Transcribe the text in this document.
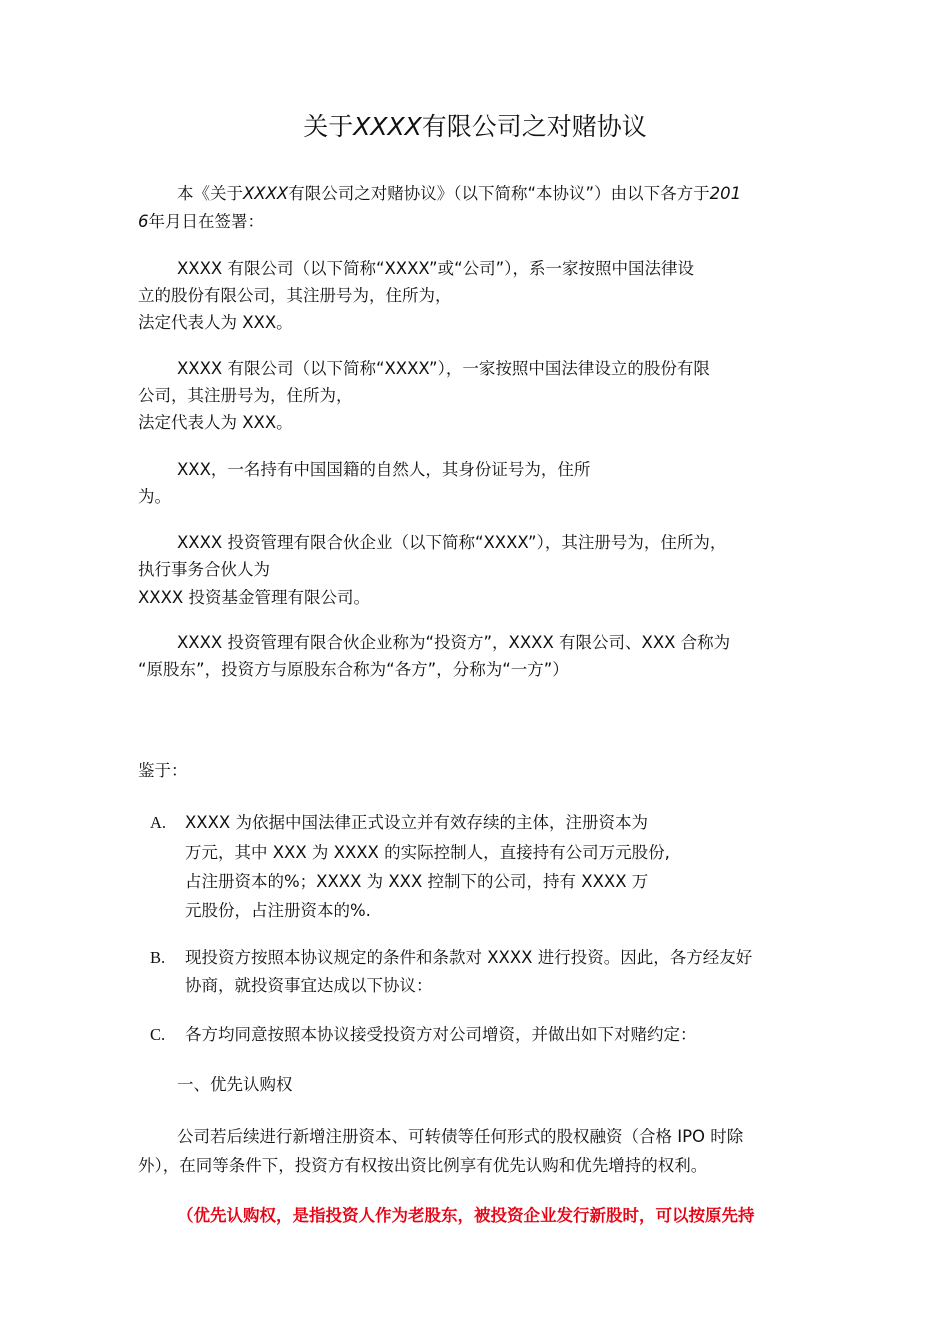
关于XXXX有限公司之对赌协议
本《关于XXXX有限公司之对赌协议》（以下简称“本协议”）由以下各方于201
6年月日在签署：
XXXX 有限公司（以下简称“XXXX”或“公司”），系一家按照中国法律设
立的股份有限公司，其注册号为，住所为，
法定代表人为 XXX。
XXXX 有限公司（以下简称“XXXX”），一家按照中国法律设立的股份有限
公司，其注册号为，住所为，
法定代表人为 XXX。
XXX，一名持有中国国籍的自然人，其身份证号为，住所
为。
XXXX 投资管理有限合伙企业（以下简称“XXXX”），其注册号为，住所为，
执行事务合伙人为
XXXX 投资基金管理有限公司。
XXXX 投资管理有限合伙企业称为“投资方”，XXXX 有限公司、XXX 合称为
“原股东”，投资方与原股东合称为“各方”，分称为“一方”）
鉴于：
A. XXXX 为依据中国法律正式设立并有效存续的主体，注册资本为
万元，其中 XXX 为 XXXX 的实际控制人，直接持有公司万元股份,
占注册资本的%；XXXX 为 XXX 控制下的公司，持有 XXXX 万
元股份，占注册资本的%.
B. 现投资方按照本协议规定的条件和条款对 XXXX 进行投资。因此，各方经友好
协商，就投资事宜达成以下协议：
C. 各方均同意按照本协议接受投资方对公司增资，并做出如下对赌约定：
一、优先认购权
公司若后续进行新增注册资本、可转债等任何形式的股权融资（合格 IPO 时除
外），在同等条件下，投资方有权按出资比例享有优先认购和优先增持的权利。
（优先认购权，是指投资人作为老股东，被投资企业发行新股时，可以按原先持
